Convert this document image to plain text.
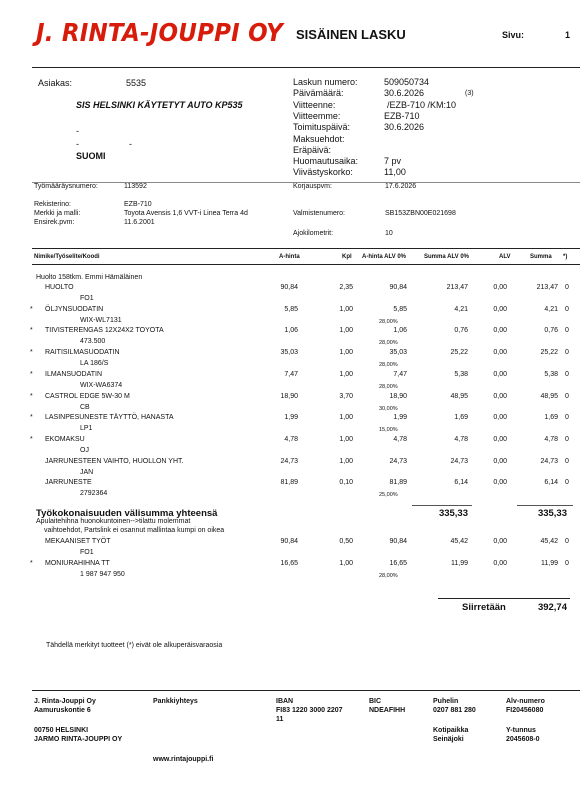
J. RINTA-JOUPPI OY SISÄINEN LASKU	Sivu:	1
Asiakas:	5535
SIS HELSINKI KÄYTETYT AUTO KP535
-
-	-
SUOMI
Laskun numero:	509050734
Päivämäärä:	30.6.2026	(3)
Viitteenne:	/EZB-710 /KM:10
Viitteemme:	EZB-710
Toimituspäivä:	30.6.2026
Maksuehdot:
Eräpäivä:
Huomautusaika:	7 pv
Viivästyskorko:	11,00
Työmääräysnumero:	113592	Korjauspvm:	17.6.2026
Rekisterino:	EZB-710
Merkki ja malli:	Toyota Avensis 1,6 VVT-i Linea Terra 4d
Ensirek.pvm:	11.6.2001
Valmistenumero:	SB153ZBN00E021698
Ajokilometrit:	10
Nimike/Työselite/Koodi	A-hinta	Kpl A-hinta ALV 0%	Summa ALV 0%	ALV	Summa *)
Huolto 158tkm. Emmi Hämäläinen
HUOLTO	90,84	2,35	90,84	213,47	0,00	213,47 0
FO1
*	ÖLJYNSUODATIN	5,85	1,00	5,85	4,21	0,00	4,21 0
WIX-WL7131	28,00%
*	TIIVISTERENGAS 12X24X2 TOYOTA	1,06	1,00	1,06	0,76	0,00	0,76 0
473.500	28,00%
*	RAITISILMASUODATIN	35,03	1,00	35,03	25,22	0,00	25,22 0
LA 186/S	28,00%
*	ILMANSUODATIN	7,47	1,00	7,47	5,38	0,00	5,38 0
WIX-WA6374	28,00%
*	CASTROL EDGE 5W-30 M	18,90	3,70	18,90	48,95	0,00	48,95 0
CB	30,00%
*	LASINPESUNESTE TÄYTTÖ, HANASTA	1,99	1,00	1,99	1,69	0,00	1,69 0
LP1	15,00%
*	EKOMAKSU	4,78	1,00	4,78	4,78	0,00	4,78 0
OJ
JARRUNESTEEN VAIHTO, HUOLLON YHT.	24,73	1,00	24,73	24,73	0,00	24,73 0
JAN
JARRUNESTE	81,89	0,10	81,89	6,14	0,00	6,14 0
2792364	25,00%
Työkokonaisuuden välisumma yhteensä	335,33	335,33
Apulaitehihna huonokuntoinen-->tilattu molemmat
vaihtoehdot, Partslink ei osannut mallintaa kumpi on oikea
MEKAANISET TYÖT	90,84	0,50	90,84	45,42	0,00	45,42 0
FO1
*	MONIURAHIHNA TT	16,65	1,00	16,65	11,99	0,00	11,99 0
1 987 947 950	28,00%
Siirretään	392,74
Tähdellä merkityt tuotteet (*) eivät ole alkuperäisvaraosia
J. Rinta-Jouppi Oy
Aamuruskontie 6
00750 HELSINKI
JARMO RINTA-JOUPPI OY
Pankkiyhteys	IBAN
FI83 1220 3000 2207
11
BIC
NDEAFIHH
Puhelin
0207 881 280
Kotipaikka
Seinäjoki
Alv-numero
FI20456080
Y-tunnus
2045608-0
www.rintajouppi.fi
